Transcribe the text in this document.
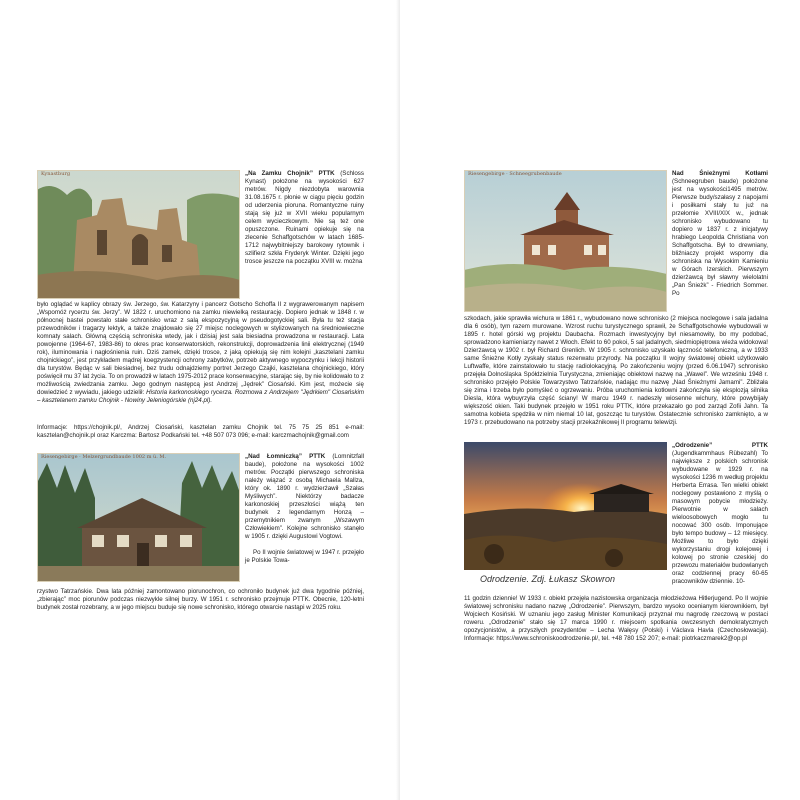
Kynastburg	„Na Zamku Chojnik” PTTK (Schloss Kynast) położone na wysokości 627 metrów. Nigdy niezdobyta warownia 31.08.1675 r. płonie w ciągu pięciu godzin od uderzenia pioruna. Romantyczne ruiny stają się już w XVII wieku popularnym celem wycieczkowym. Nie są też one opuszczone. Ruinami opiekuje się na zlecenie Schaffgotschów w latach 1685-1712 najwybitniejszy barokowy rytownik i szlifierz szkła Fryderyk Winter. Dzięki jego trosce jeszcze na początku XVIII w. można

było oglądać w kaplicy obrazy św. Jerzego, św. Katarzyny i pancerz Gotscho Schoffa II z wygrawerowanym napisem „Wspomóż rycerzu św. Jerzy”. W 1822 r. uruchomiono na zamku niewielką restaurację. Dopiero jednak w 1848 r. w północnej bastei powstało stałe schronisko wraz z salą ekspozycyjną w pseudogotyckiej sali. Była tu też stacja przewodników i tragarzy lektyk, a także znajdowało się 27 miejsc noclegowych w stylizowanych na średniowieczne komnaty salach. Główną częścią schroniska wtedy, jak i dzisiaj jest sala biesiadna prowadzona w restauracji. Lata powojenne (1964-67, 1983-86) to okres prac konserwatorskich, rekonstrukcji, doprowadzenia linii elektrycznej (1949 rok), iluminowania i nagłośnienia ruin. Dziś zamek, dzięki trosce, z jaką opiekują się nim kolejni „kasztelani zamku chojnickiego”, jest przykładem mądrej koegzystencji ochrony zabytków, potrzeb aktywnego wypoczynku i lekcji historii dla turystów. Będąc w sali biesiadnej, bez trudu odnajdziemy portret Jerzego Czajki, kasztelana chojnickiego, który poświęcił mu 37 lat życia. To on prowadził w latach 1975-2012 prace konserwacyjne, starając się, by nie kolidowało to z możliwością zwiedzania zamku. Jego godnym następcą jest Andrzej „Jędrek” Ciosański. Kim jest, możecie się dowiedzieć z wywiadu, jakiego udzielił: Historia karkonoskiego rycerza. Rozmowa z Andrzejem "Jędrkiem" Ciosańskim – kasztelanem zamku Chojnik - Nowiny Jeleniogórskie (nj24.pl).

Informacje: https://chojnik.pl/, Andrzej Ciosański, kasztelan zamku Chojnik tel. 75 75 25 851 e-mail: kasztelan@chojnik.pl oraz Karczma: Bartosz Podkański tel. +48 507 073 096; e-mail: karczmachojnik@gmail.com

Riesengebirge · Melzergrundbaude 1002 m ü. M.	„Nad Łomniczką” PTTK (Lomnitzfall baude), położone na wysokości 1002 metrów. Początki pierwszego schroniska należy wiązać z osobą Michaela Mallza, który ok. 1890 r. wydzierżawił „Szałas Myśliwych”. Niektórzy badacze karkonoskiej przeszłości wiążą ten budynek z legendarnym Honzą – przemytnikiem zwanym „Wszawym Człowiekiem”. Kolejne schronisko stanęło w 1905 r. dzięki Augustowi Vogtowi.

Po II wojnie światowej w 1947 r. przejęło je Polskie Towa-

rzystwo Tatrzańskie. Dwa lata później zamontowano piorunochron, co ochroniło budynek już dwa tygodnie później, „zbierając” moc piorunów podczas niezwykle silnej burzy. W 1951 r. schronisko przejmuje PTTK. Obecnie, 120-letni budynek został rozebrany, a w jego miejscu buduje się nowe schronisko, którego otwarcie nastąpi w 2025 roku.

Riesengebirge · Schneegrubenbaude	Nad Śnieżnymi Kotłami (Schneegruben baude) położone jest na wysokości1495 metrów. Pierwsze budy/szałasy z napojami i posiłkami stały tu już na przełomie XVIII/XIX w., jednak schronisko wybudowano tu dopiero w 1837 r. z inicjatywy hrabiego Leopolda Christiana von Schaffgotscha. Był to drewniany, bliźniaczy projekt wsporny dla schroniska na Wysokim Kamieniu w Górach Izerskich. Pierwszym dzierżawcą był sławny wielolatni „Pan Śnieżk” - Friedrich Sommer. Po

szkodach, jakie sprawiła wichura w 1861 r., wybudowano nowe schronisko (2 miejsca noclegowe i sala jadalna dla 6 osób), tym razem murowane. Wzrost ruchu turystycznego sprawił, że Schaffgotschowie wybudowali w 1895 r. hotel górski wg projektu Daubacha. Rozmach inwestycyjny był niesamowity, bo my podobać, sprowadzono kamieniarzy nawet z Włoch. Efekt to 60 pokoi, 5 sal jadalnych, siedmiopiętrowa wieża widokowa! Dzierżawcą w 1902 r. był Richard Grenlich. W 1905 r. schronisko uzyskało łączność telefoniczną, a w 1933 same Śnieżne Kotły zyskały status rezerwatu przyrody. Na początku II wojny światowej obiekt użytkowało Luftwaffe, które zainstalowało tu stację radiolokacyjną. Po zakończeniu wojny (przed 6.06.1947) schronisko przejęła Dolnośląska Spółdzielnia Turystyczna, zmieniając obiektowi nazwę na „Wawel”. We wrześniu 1948 r. schronisko przejęło Polskie Towarzystwo Tatrzańskie, nadając mu nazwę „Nad Śnieżnymi Jamami”. Zbliżała się zima i trzeba było pomyśleć o ogrzewaniu. Próba uruchomienia kotłowni zakończyła się eksplozją silnika Diesla, która wybuyrzyła część ściany! W marcu 1949 r. nadeszły wiosenne wichury, które powybijały większość okien. Taki budynek przejęło w 1951 roku PTTK, które przekazało go pod zarząd Zofii Jahn. Ta samotna kobieta spędziła w nim niemal 10 lat, goszcząc tu turystów. Ostatecznie schronisko zamknięto, a w 1973 r. przebudowano na potrzeby stacji przekaźnikowej II programu telewizji.

Odrodzenie. Zdj. Łukasz Skowron

„Odrodzenie” PTTK (Jugendkammhaus Rübezahl) To największe z polskich schronisk wybudowane w 1929 r. na wysokości 1236 m według projektu Herberta Errasa. Ten wielki obiekt noclegowy postawiono z myślą o masowym pobycie młodzieży. Pierwotnie w salach wieloosobowych mogło tu nocować 300 osób. Imponujące było tempo budowy – 12 miesięcy. Możliwe to było dzięki wykorzystaniu drogi kolejowej i kolowej po stronie czeskiej do przewozu materiałów budowlanych oraz codziennej pracy 60-65 pracowników dziennie. 10-

11 godzin dziennie! W 1933 r. obiekt przejęła nazistowska organizacja młodzieżowa Hitlerjugend. Po II wojnie światowej schronisku nadano nazwę „Odrodzenie”. Pierwszym, bardzo wysoko ocenianym kierownikiem, był Wojciech Kosiński. W uznaniu jego zasług Minister Komunikacji przyznał mu nagrodę rzeczową w postaci roweru. „Odrodzenie” stało się 17 marca 1990 r. miejscem spotkania owczesnych demokratycznych opozycjonistów, a przyszłych prezydentów – Lecha Wałęsy (Polski) i Václava Havla (Czechosłowacja). Informacje: https://www.schroniskoodrodzenie.pl/, tel. +48 780 152 207; e-mail: piotrkaczmarek2@op.pl
